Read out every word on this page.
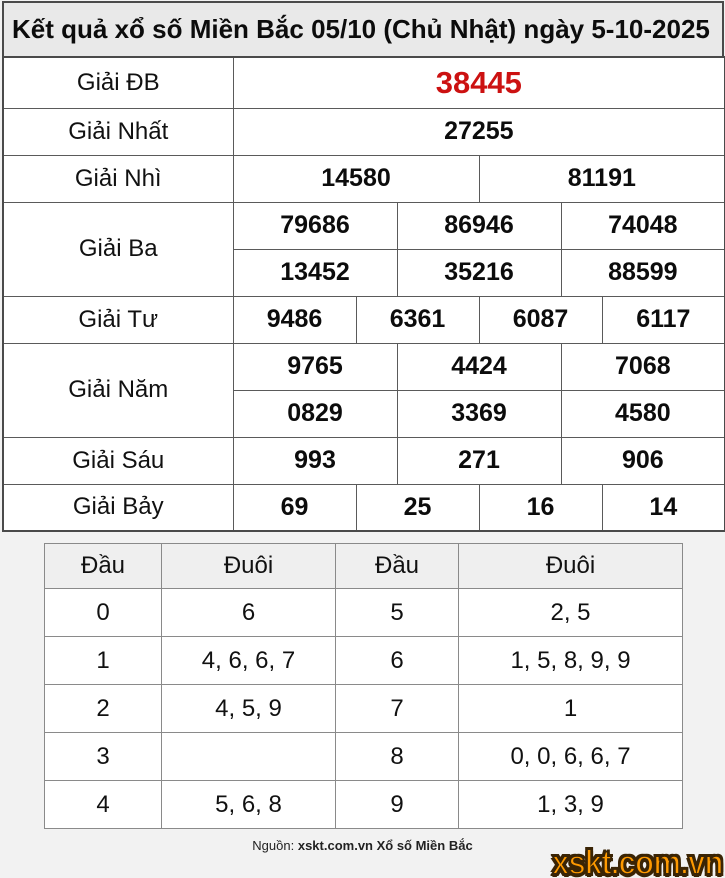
Kết quả xổ số Miền Bắc 05/10 (Chủ Nhật) ngày 5-10-2025
Giải ĐB	38445					
Giải Nhất	27255					
Giải Nhì	14580			81191		
Giải Ba	79686		86946		74048	
	13452		35216		88599	
Giải Tư	9486	6361		6087		6117
Giải Năm	9765		4424		7068	
	0829		3369		4580	
Giải Sáu	993		271		906	
Giải Bảy	69	25		16		14
Đầu	Đuôi	Đầu	Đuôi
0	6	5	2, 5
1	4, 6, 6, 7	6	1, 5, 8, 9, 9
2	4, 5, 9	7	1
3		8	0, 0, 6, 6, 7
4	5, 6, 8	9	1, 3, 9
Nguồn: xskt.com.vn Xổ số Miền Bắc	xskt.com.vn
